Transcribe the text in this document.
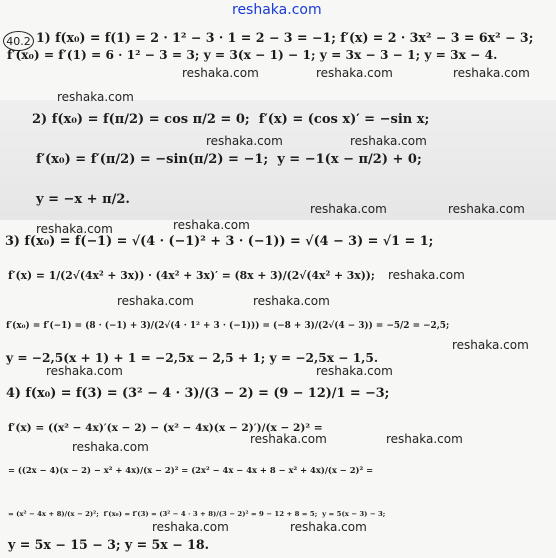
reshaka.com
reshaka.com	reshaka.com	reshaka.com
reshaka.com
reshaka.com	reshaka.com
reshaka.com	reshaka.com
reshaka.com
reshaka.com
reshaka.com
reshaka.com	reshaka.com
reshaka.com
reshaka.com	reshaka.com
reshaka.com
reshaka.com	reshaka.com
reshaka.com	reshaka.com
40.2 1) f(x₀) = f(1) = 2 · 1² − 3 · 1 = 2 − 3 = −1; f′(x) = 2 · 3x² − 3 = 6x² − 3;
f′(x₀) = f′(1) = 6 · 1² − 3 = 3; y = 3(x − 1) − 1; y = 3x − 3 − 1; y = 3x − 4.
2) f(x₀) = f(π/2) = cos π/2 = 0;  f′(x) = (cos x)′ = −sin x;
f′(x₀) = f′(π/2) = −sin(π/2) = −1;  y = −1(x − π/2) + 0;
y = −x + π/2.
3) f(x₀) = f(−1) = √(4 · (−1)² + 3 · (−1)) = √(4 − 3) = √1 = 1;
f′(x) = 1/(2√(4x² + 3x)) · (4x² + 3x)′ = (8x + 3)/(2√(4x² + 3x));
f′(x₀) = f′(−1) = (8 · (−1) + 3)/(2√(4 · 1² + 3 · (−1))) = (−8 + 3)/(2√(4 − 3)) = −5/2 = −2,5;
y = −2,5(x + 1) + 1 = −2,5x − 2,5 + 1; y = −2,5x − 1,5.
4) f(x₀) = f(3) = (3² − 4 · 3)/(3 − 2) = (9 − 12)/1 = −3;
f′(x) = ((x² − 4x)′(x − 2) − (x² − 4x)(x − 2)′)/(x − 2)² =
= ((2x − 4)(x − 2) − x² + 4x)/(x − 2)² = (2x² − 4x − 4x + 8 − x² + 4x)/(x − 2)² =
= (x² − 4x + 8)/(x − 2)²;  f′(x₀) = f′(3) = (3² − 4 · 3 + 8)/(3 − 2)² = 9 − 12 + 8 = 5;  y = 5(x − 3) − 3;
y = 5x − 15 − 3; y = 5x − 18.
